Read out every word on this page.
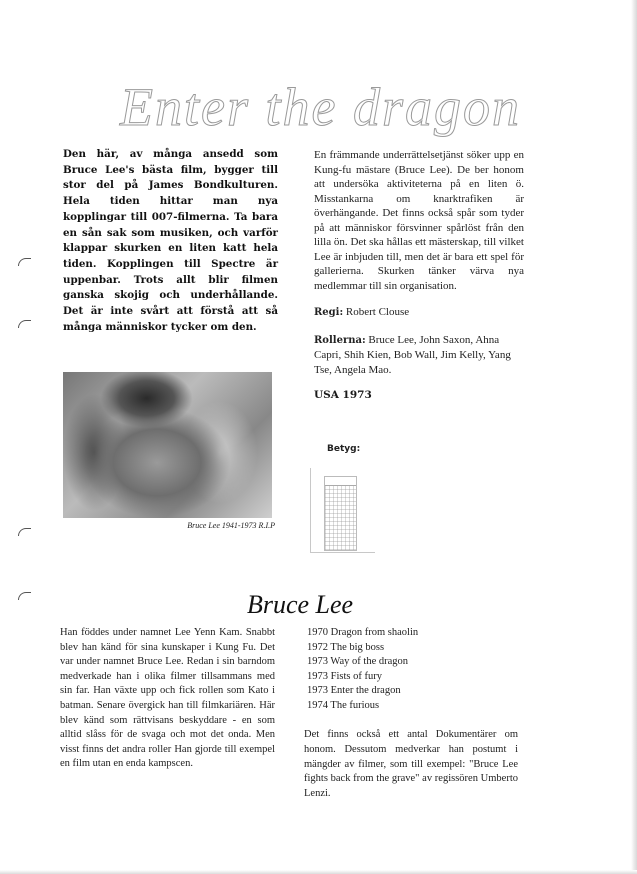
Enter the dragon
Den här, av många ansedd som Bruce Lee's bästa film, bygger till stor del på James Bondkulturen. Hela tiden hittar man nya kopplingar till 007-filmerna. Ta bara en sån sak som musiken, och varför klappar skurken en liten katt hela tiden. Kopplingen till Spectre är uppenbar. Trots allt blir filmen ganska skojig och underhållande. Det är inte svårt att förstå att så många människor tycker om den.
Bruce Lee 1941-1973 R.I.P

En främmande underrättelsetjänst söker upp en Kung-fu mästare (Bruce Lee). De ber honom att undersöka aktiviteterna på en liten ö. Misstankarna om knarktrafiken är överhängande. Det finns också spår som tyder på att människor försvinner spårlöst från den lilla ön. Det ska hållas ett mästerskap, till vilket Lee är inbjuden till, men det är bara ett spel för gallerierna. Skurken tänker värva nya medlemmar till sin organisation.

Regi: Robert Clouse

Rollerna: Bruce Lee, John Saxon, Ahna Capri, Shih Kien, Bob Wall, Jim Kelly, Yang Tse, Angela Mao.

USA 1973
Betyg:
Bruce Lee
Han föddes under namnet Lee Yenn Kam. Snabbt blev han känd för sina kunskaper i Kung Fu. Det var under namnet Bruce Lee. Redan i sin barndom medverkade han i olika filmer tillsammans med sin far. Han växte upp och fick rollen som Kato i batman. Senare övergick han till filmkariären. Här blev känd som rättvisans beskyddare - en som alltid slåss för de svaga och mot det onda. Men visst finns det andra roller Han gjorde till exempel en film utan en enda kampscen.
1970 Dragon from shaolin
1972 The big boss
1973 Way of the dragon
1973 Fists of fury
1973 Enter the dragon
1974 The furious
Det finns också ett antal Dokumentärer om honom. Dessutom medverkar han postumt i mängder av filmer, som till exempel: "Bruce Lee fights back from the grave" av regissören Umberto Lenzi.
